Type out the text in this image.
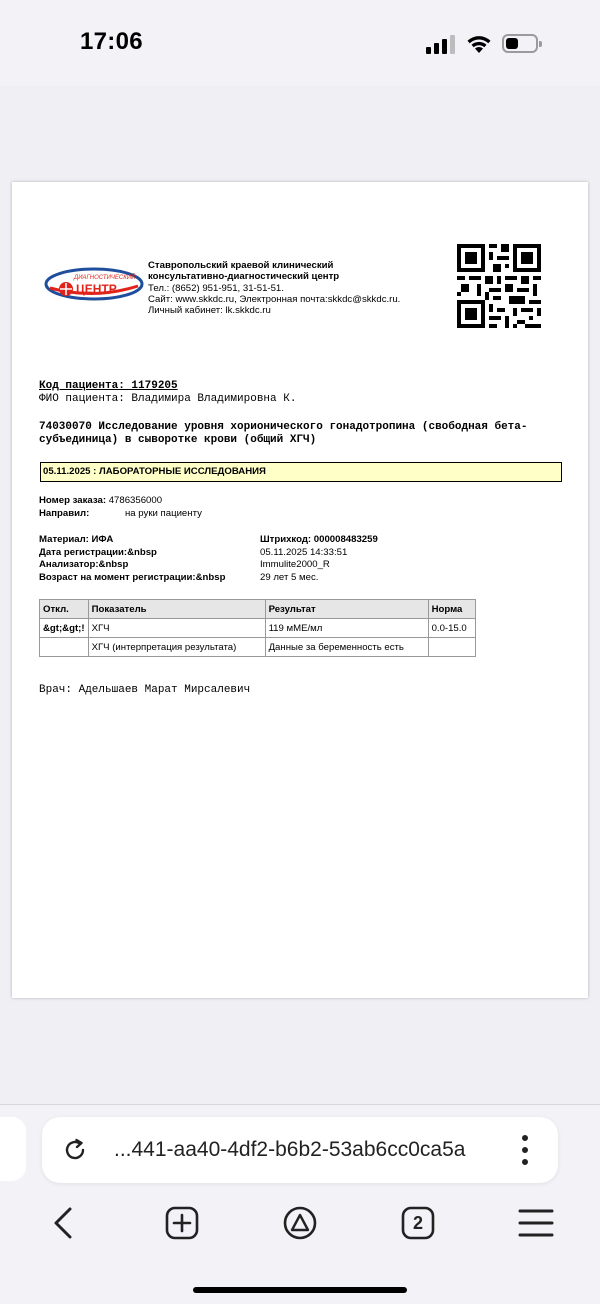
17:06
ДИАГНОСТИЧЕСКИЙ
ЦЕНТР
Ставропольский краевой клинический
консультативно-диагностический центр
Тел.: (8652) 951-951, 31-51-51.
Сайт: www.skkdc.ru, Электронная почта:skkdc@skkdc.ru.
Личный кабинет: lk.skkdc.ru
Код пациента: 1179205
ФИО пациента: Владимира Владимировна К.
74030070 Исследование уровня хорионического гонадотропина (свободная бета-субъединица) в сыворотке крови (общий ХГЧ)
05.11.2025 : ЛАБОРАТОРНЫЕ ИССЛЕДОВАНИЯ
Номер заказа: 4786356000
Направил:	на руки пациенту
Материал: ИФА	Штрихкод: 000008483259
Дата регистрации:&nbsp	05.11.2025 14:33:51
Анализатор:&nbsp	Immulite2000_R
Возраст на момент регистрации:&nbsp	29 лет 5 мес.
Откл.	Показатель	Результат	Норма
&gt;&gt;!	ХГЧ	119 мМЕ/мл	0.0-15.0
	ХГЧ (интерпретация результата)	Данные за беременность есть	
Врач: Адельшаев Марат Мирсалевич
...441-aa40-4df2-b6b2-53ab6cc0ca5a
2
